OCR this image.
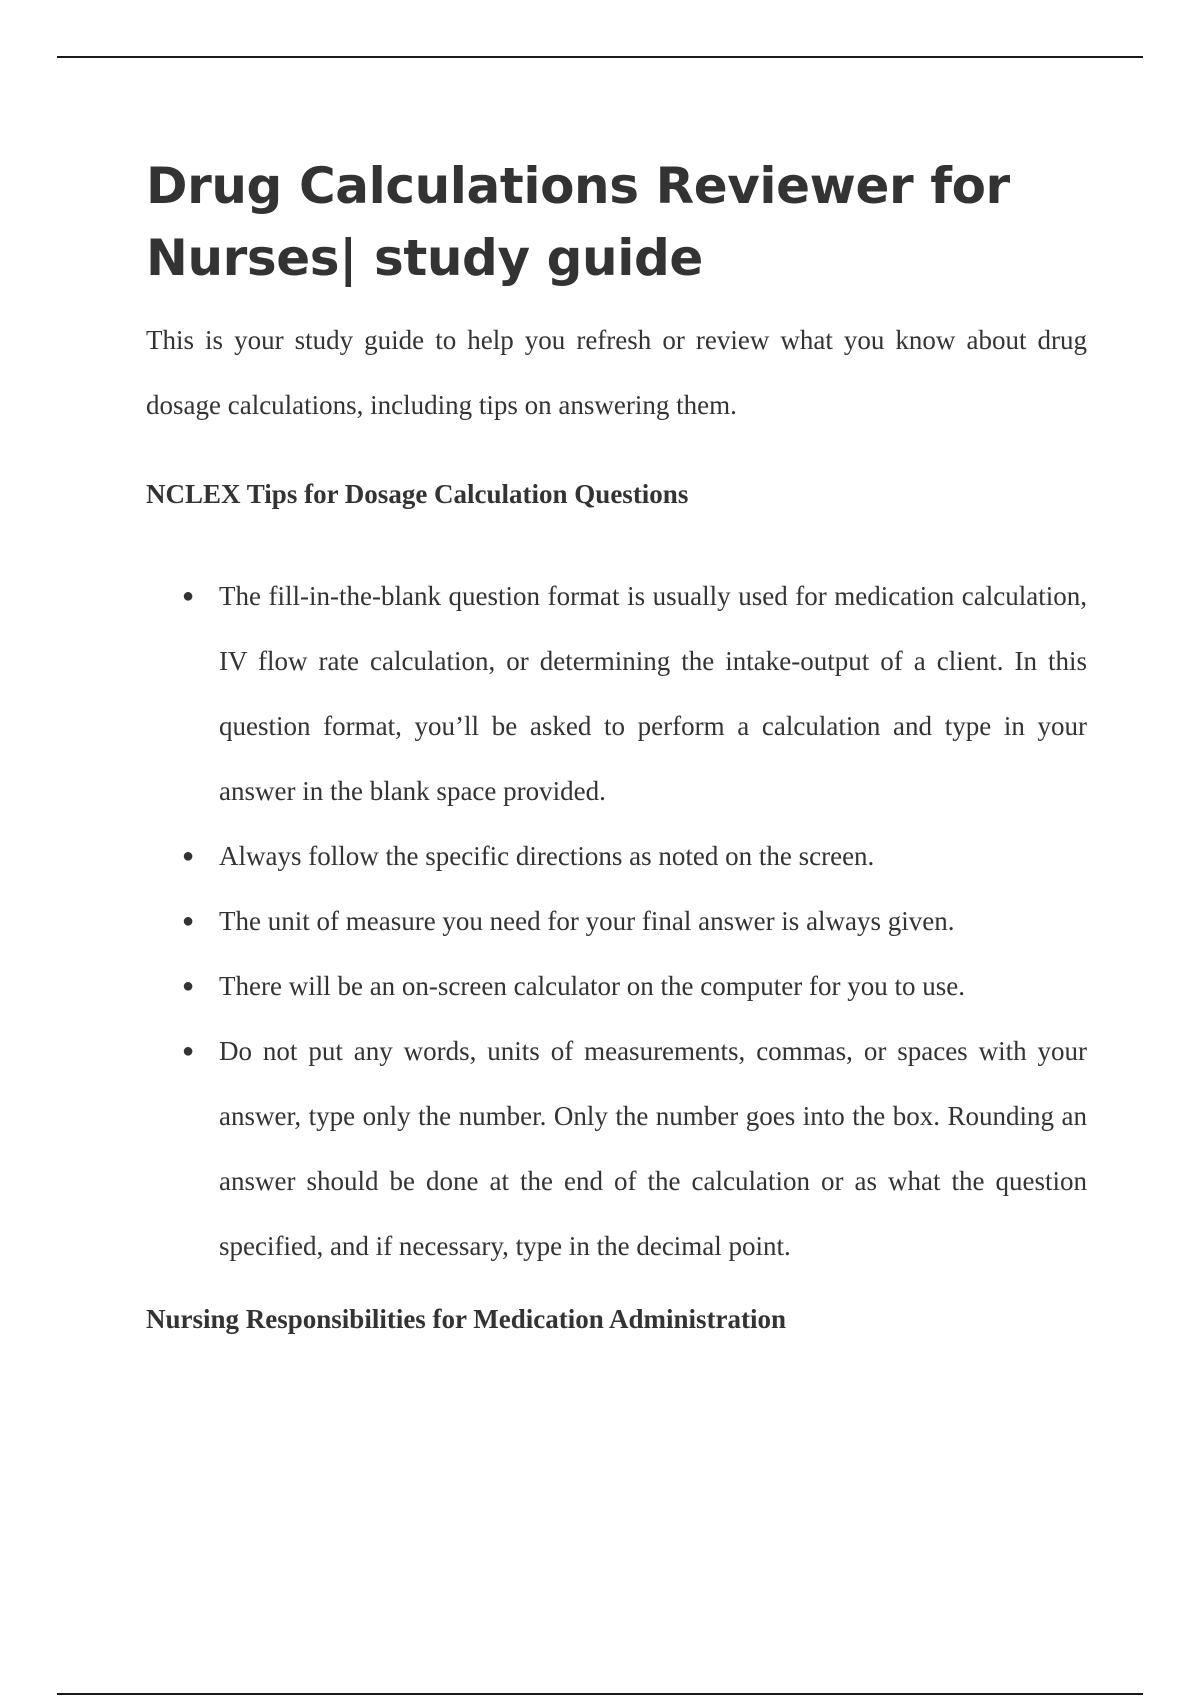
Drug Calculations Reviewer for Nurses| study guide

This is your study guide to help you refresh or review what you know about drug dosage calculations, including tips on answering them.

NCLEX Tips for Dosage Calculation Questions
● The fill-in-the-blank question format is usually used for medication calculation, IV flow rate calculation, or determining the intake-output of a client. In this question format, you’ll be asked to perform a calculation and type in your answer in the blank space provided.
● Always follow the specific directions as noted on the screen.
● The unit of measure you need for your final answer is always given.
● There will be an on-screen calculator on the computer for you to use.
● Do not put any words, units of measurements, commas, or spaces with your answer, type only the number. Only the number goes into the box. Rounding an answer should be done at the end of the calculation or as what the question specified, and if necessary, type in the decimal point.
Nursing Responsibilities for Medication Administration
